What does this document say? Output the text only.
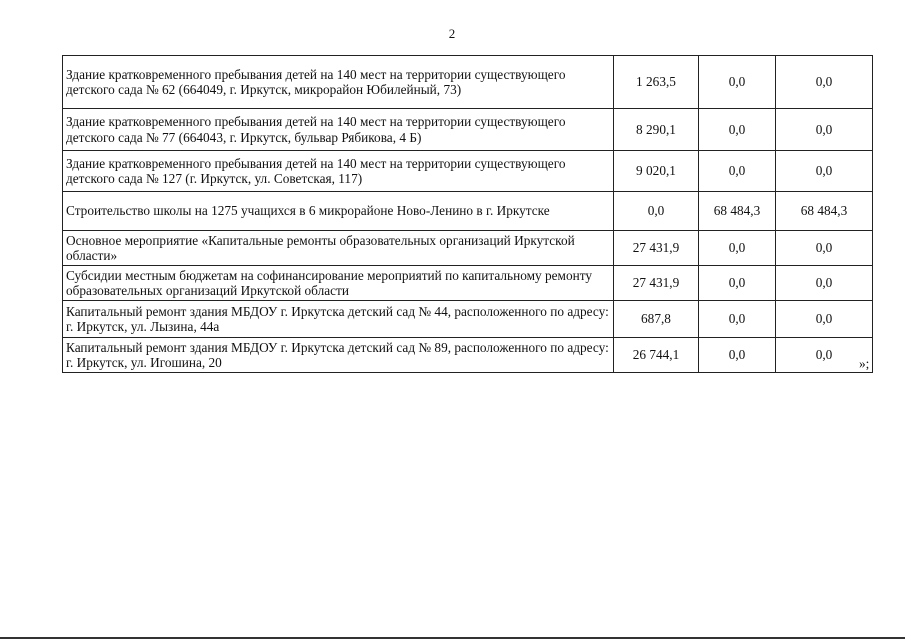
2
Здание кратковременного пребывания детей на 140 мест на территории существующего детского сада № 62 (664049, г. Иркутск, микрорайон Юбилейный, 73)	1 263,5	0,0	0,0
Здание кратковременного пребывания детей на 140 мест на территории существующего детского сада № 77 (664043, г. Иркутск, бульвар Рябикова, 4 Б)	8 290,1	0,0	0,0
Здание кратковременного пребывания детей на 140 мест на территории существующего детского сада № 127 (г. Иркутск, ул. Советская, 117)	9 020,1	0,0	0,0
Строительство школы на 1275 учащихся в 6 микрорайоне Ново-Ленино в г. Иркутске	0,0	68 484,3	68 484,3
Основное мероприятие «Капитальные ремонты образовательных организаций Иркутской области»	27 431,9	0,0	0,0
Субсидии местным бюджетам на софинансирование мероприятий по капитальному ремонту образовательных организаций Иркутской области	27 431,9	0,0	0,0
Капитальный ремонт здания МБДОУ г. Иркутска детский сад № 44, расположенного по адресу: г. Иркутск, ул. Лызина, 44а	687,8	0,0	0,0
Капитальный ремонт здания МБДОУ г. Иркутска детский сад № 89, расположенного по адресу: г. Иркутск, ул. Игошина, 20	26 744,1	0,0	0,0
»;
